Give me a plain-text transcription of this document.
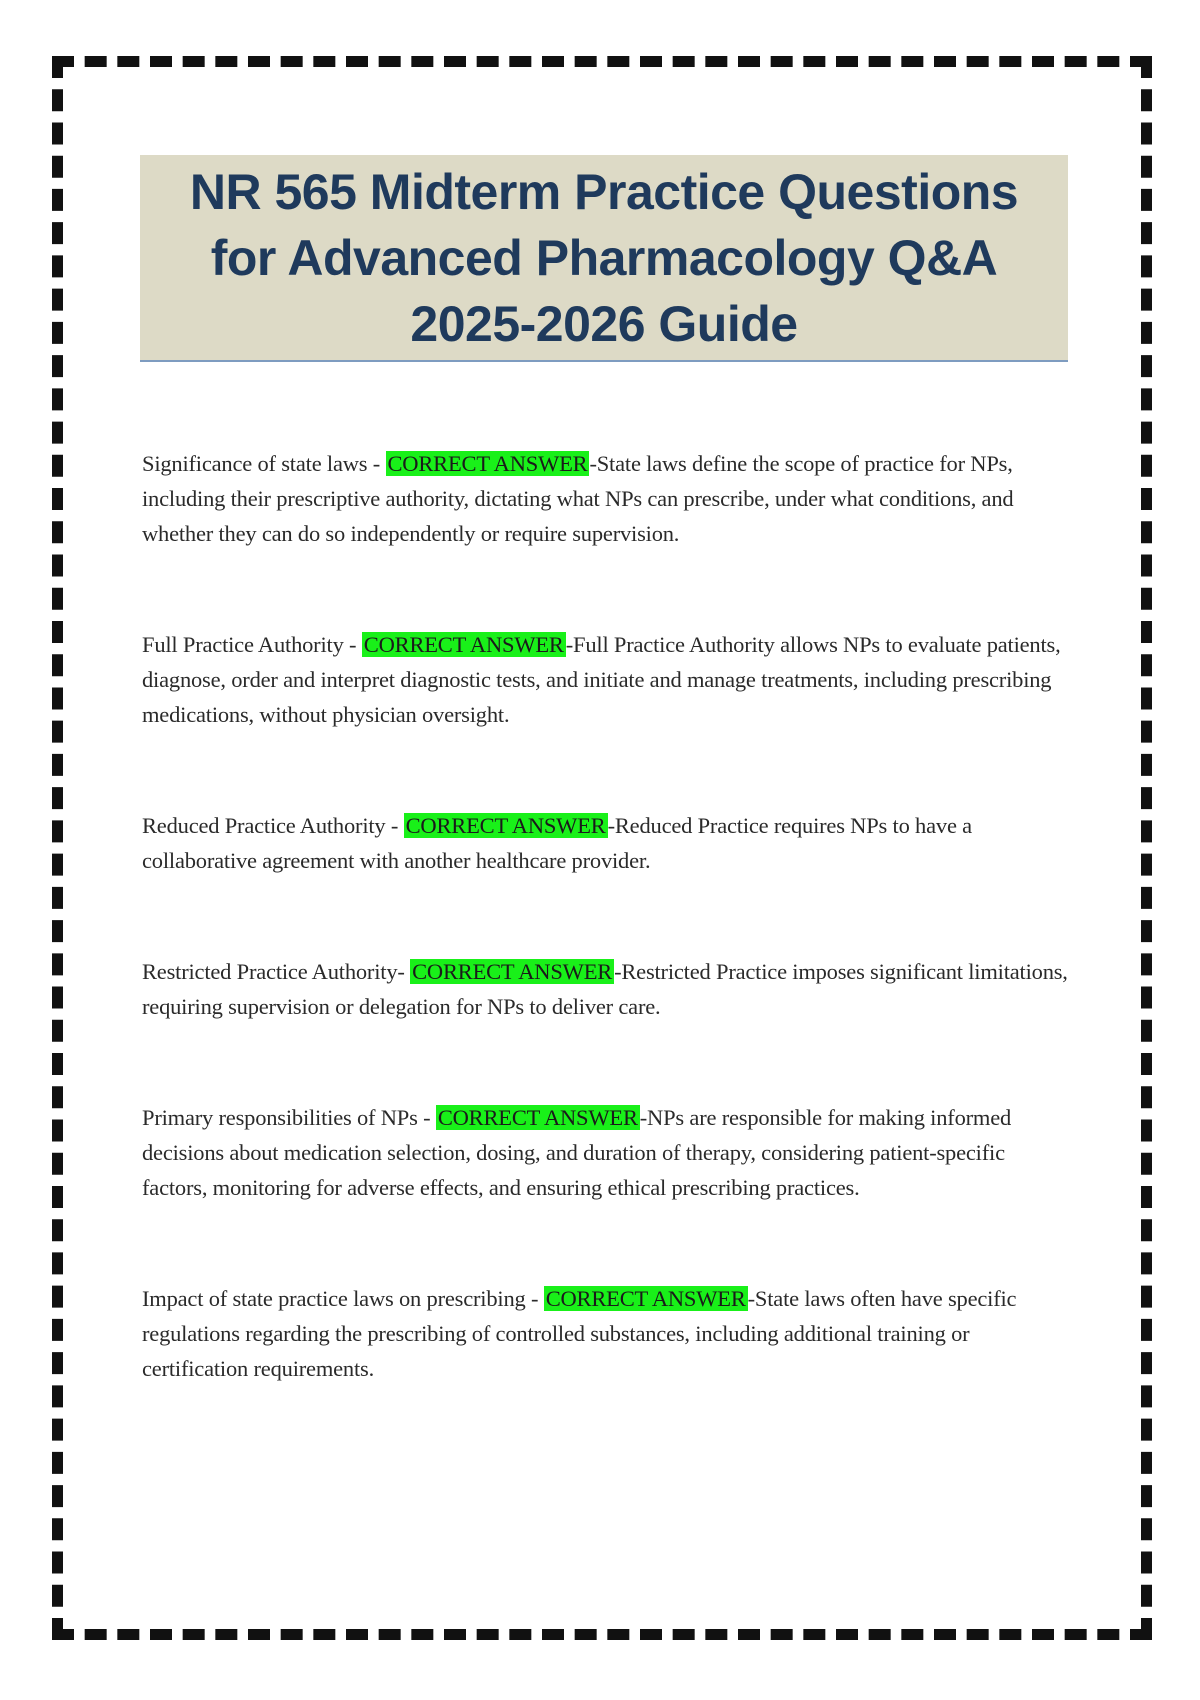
NR 565 Midterm Practice Questions
for Advanced Pharmacology Q&A
2025-2026 Guide

Significance of state laws - CORRECT ANSWER-State laws define the scope of practice for NPs, including their prescriptive authority, dictating what NPs can prescribe, under what conditions, and whether they can do so independently or require supervision.

Full Practice Authority - CORRECT ANSWER-Full Practice Authority allows NPs to evaluate patients, diagnose, order and interpret diagnostic tests, and initiate and manage treatments, including prescribing medications, without physician oversight.

Reduced Practice Authority - CORRECT ANSWER-Reduced Practice requires NPs to have a collaborative agreement with another healthcare provider.

Restricted Practice Authority- CORRECT ANSWER-Restricted Practice imposes significant limitations, requiring supervision or delegation for NPs to deliver care.

Primary responsibilities of NPs - CORRECT ANSWER-NPs are responsible for making informed decisions about medication selection, dosing, and duration of therapy, considering patient-specific factors, monitoring for adverse effects, and ensuring ethical prescribing practices.

Impact of state practice laws on prescribing - CORRECT ANSWER-State laws often have specific regulations regarding the prescribing of controlled substances, including additional training or certification requirements.
